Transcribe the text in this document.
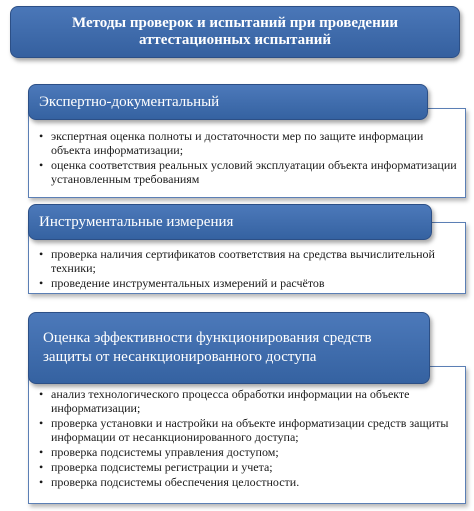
Методы проверок и испытаний при проведении аттестационных испытаний
• экспертная оценка полноты и достаточности мер по защите информации объекта информатизации;
• оценка соответствия реальных условий эксплуатации объекта информатизации установленным требованиям
Экспертно-документальный
• проверка наличия сертификатов соответствия на средства вычислительной техники;
• проведение инструментальных измерений и расчётов
Инструментальные измерения
• анализ технологического процесса обработки информации на объекте информатизации;
• проверка установки и настройки на объекте информатизации средств защиты информации от несанкционированного доступа;
• проверка подсистемы управления доступом;
• проверка подсистемы регистрации и учета;
• проверка подсистемы обеспечения целостности.
Оценка эффективности функционирования средств защиты от несанкционированного доступа
